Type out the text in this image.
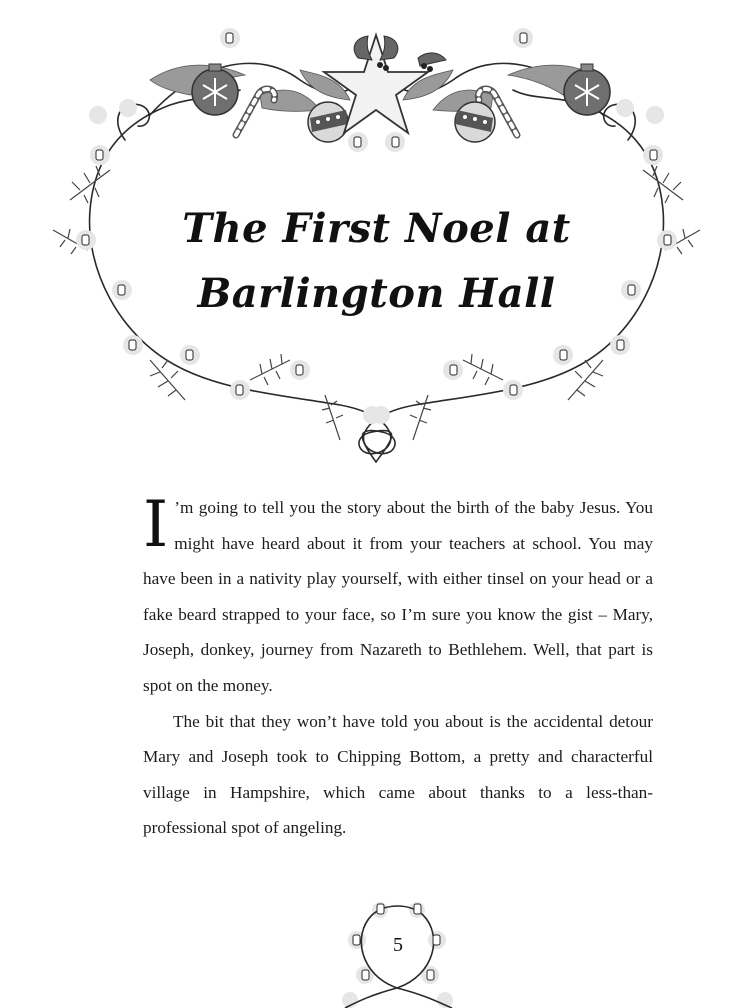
The First Noel at
Barlington Hall

I ’m going to tell you the story about the birth of the baby Jesus. You might have heard about it from your teachers at school. You may have been in a nativity play yourself, with either tinsel on your head or a fake beard strapped to your face, so I’m sure you know the gist – Mary, Joseph, donkey, journey from Nazareth to Bethlehem. Well, that part is spot on the money.

The bit that they won’t have told you about is the accidental detour Mary and Joseph took to Chipping Bottom, a pretty and characterful village in Hampshire, which came about thanks to a less-than-professional spot of angeling.

5
